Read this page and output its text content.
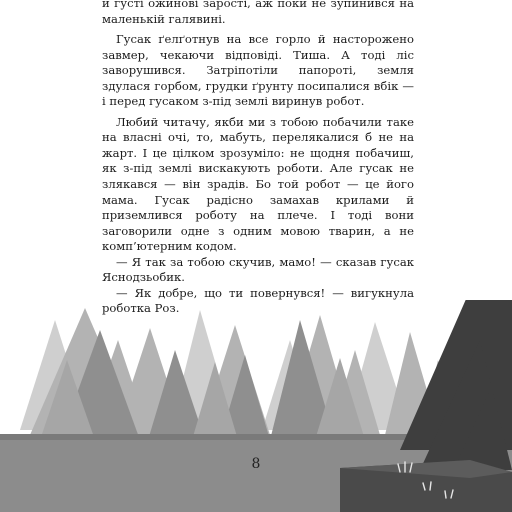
й густі ожинові зарості, аж поки не зупинився на маленькій галявині.

Гусак ґелґотнув на все горло й насторожено завмер, чекаючи відповіді. Тиша. А тоді ліс заворушився. Затріпотіли папороті, земля здулася горбом, грудки ґрунту посипалися вбік — і перед гусаком з-під землі виринув робот.

Любий читачу, якби ми з тобою побачили таке на власні очі, то, мабуть, перелякалися б не на жарт. І це цілком зрозуміло: не щодня побачиш, як з-під землі вискакують роботи. Але гусак не злякався — він зрадів. Бо той робот — це його мама. Гусак радісно замахав крилами й приземлився роботу на плече. І тоді вони заговорили одне з одним мовою тварин, а не комп’ютерним кодом.

— Я так за тобою скучив, мамо! — сказав гусак Яснодзьобик.

— Як добре, що ти повернувся! — вигукнула роботка Роз.

8
